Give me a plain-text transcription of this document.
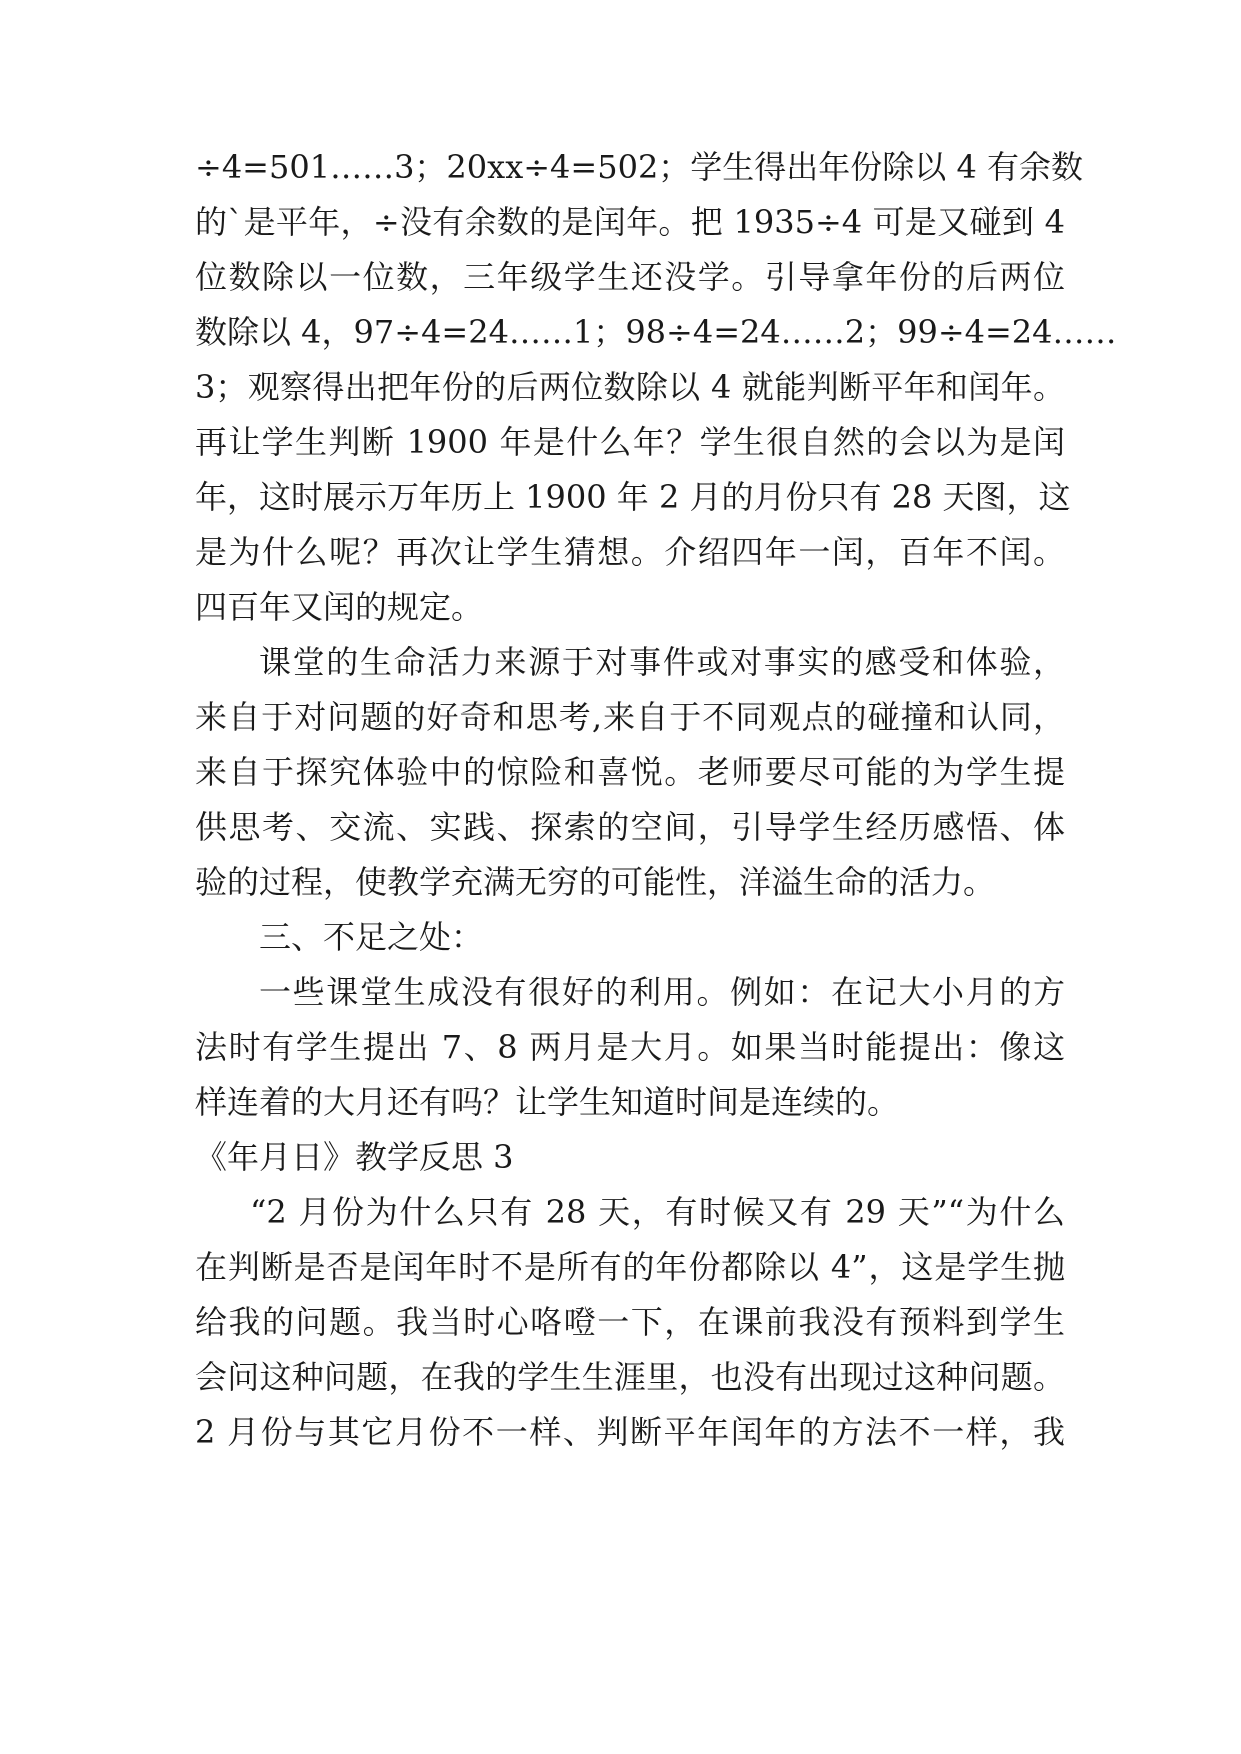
÷4=501……3；20xx÷4=502；学生得出年份除以 4 有余数
的`是平年，÷没有余数的是闰年。把 1935÷4 可是又碰到 4
位数除以一位数，三年级学生还没学。引导拿年份的后两位
数除以 4，97÷4=24……1；98÷4=24……2；99÷4=24……
3；观察得出把年份的后两位数除以 4 就能判断平年和闰年。
再让学生判断 1900 年是什么年？学生很自然的会以为是闰
年，这时展示万年历上 1900 年 2 月的月份只有 28 天图，这
是为什么呢？再次让学生猜想。介绍四年一闰，百年不闰。
四百年又闰的规定。
课堂的生命活力来源于对事件或对事实的感受和体验，
来自于对问题的好奇和思考,来自于不同观点的碰撞和认同，
来自于探究体验中的惊险和喜悦。老师要尽可能的为学生提
供思考、交流、实践、探索的空间，引导学生经历感悟、体
验的过程，使教学充满无穷的可能性，洋溢生命的活力。
三、不足之处：
一些课堂生成没有很好的利用。例如：在记大小月的方
法时有学生提出 7、8 两月是大月。如果当时能提出：像这
样连着的大月还有吗？让学生知道时间是连续的。
《年月日》教学反思 3
“2 月份为什么只有 28 天，有时候又有 29 天”“为什么
在判断是否是闰年时不是所有的年份都除以 4”，这是学生抛
给我的问题。我当时心咯噔一下，在课前我没有预料到学生
会问这种问题，在我的学生生涯里，也没有出现过这种问题。
2 月份与其它月份不一样、判断平年闰年的方法不一样，我
